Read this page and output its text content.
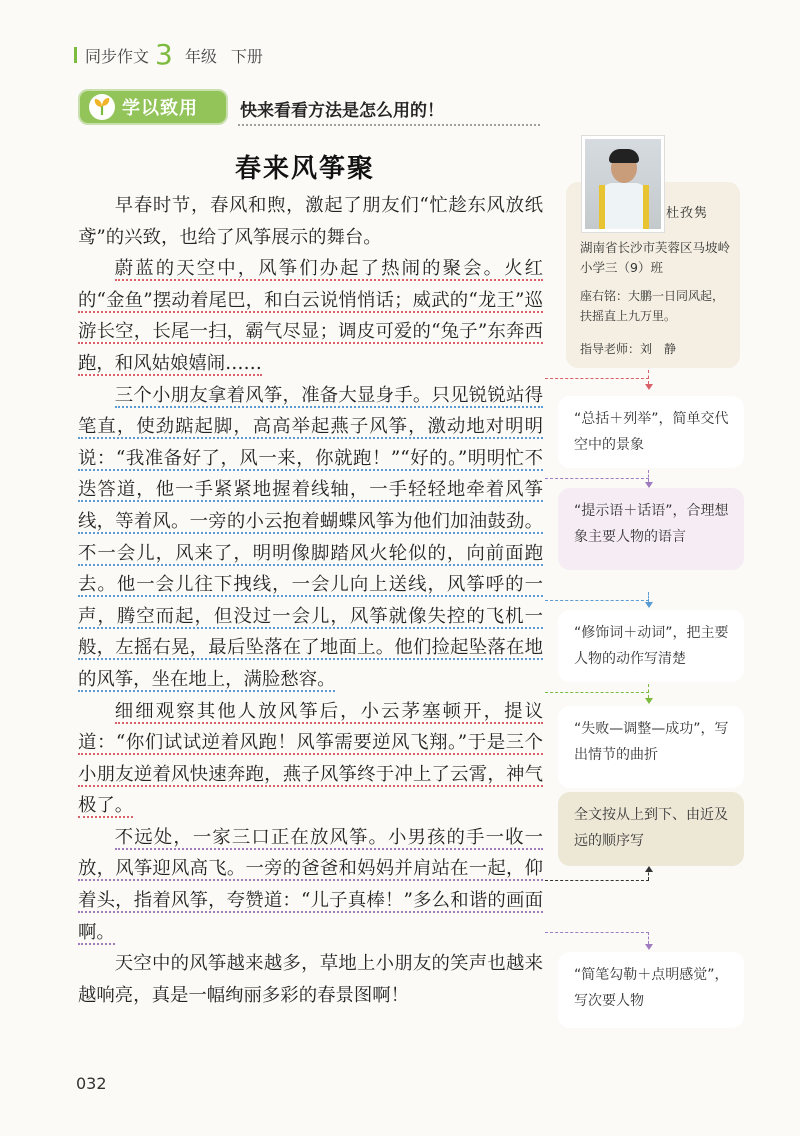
同步作文 3 年级 下册
学以致用 快来看看方法是怎么用的！
春来风筝聚

早春时节，春风和煦，激起了朋友们“忙趁东风放纸鸢”的兴致，也给了风筝展示的舞台。

蔚蓝的天空中，风筝们办起了热闹的聚会。火红的“金鱼”摆动着尾巴，和白云说悄悄话；威武的“龙王”巡游长空，长尾一扫，霸气尽显；调皮可爱的“兔子”东奔西跑，和风姑娘嬉闹……

三个小朋友拿着风筝，准备大显身手。只见锐锐站得笔直，使劲踮起脚，高高举起燕子风筝，激动地对明明说：“我准备好了，风一来，你就跑！”“好的。”明明忙不迭答道，他一手紧紧地握着线轴，一手轻轻地牵着风筝线，等着风。一旁的小云抱着蝴蝶风筝为他们加油鼓劲。不一会儿，风来了，明明像脚踏风火轮似的，向前面跑去。他一会儿往下拽线，一会儿向上送线，风筝呼的一声，腾空而起，但没过一会儿，风筝就像失控的飞机一般，左摇右晃，最后坠落在了地面上。他们捡起坠落在地的风筝，坐在地上，满脸愁容。

细细观察其他人放风筝后，小云茅塞顿开，提议道：“你们试试逆着风跑！风筝需要逆风飞翔。”于是三个小朋友逆着风快速奔跑，燕子风筝终于冲上了云霄，神气极了。

不远处，一家三口正在放风筝。小男孩的手一收一放，风筝迎风高飞。一旁的爸爸和妈妈并肩站在一起，仰着头，指着风筝，夸赞道：“儿子真棒！”多么和谐的画面啊。

天空中的风筝越来越多，草地上小朋友的笑声也越来越响亮，真是一幅绚丽多彩的春景图啊！

杜孜隽
湖南省长沙市芙蓉区马坡岭小学三（9）班
座右铭：大鹏一日同风起，扶摇直上九万里。
指导老师：刘　静
“总括＋列举”，简单交代空中的景象
“提示语＋话语”，合理想象主要人物的语言
“修饰词＋动词”，把主要人物的动作写清楚
“失败—调整—成功”，写出情节的曲折
全文按从上到下、由近及远的顺序写
“简笔勾勒＋点明感觉”，写次要人物
032
